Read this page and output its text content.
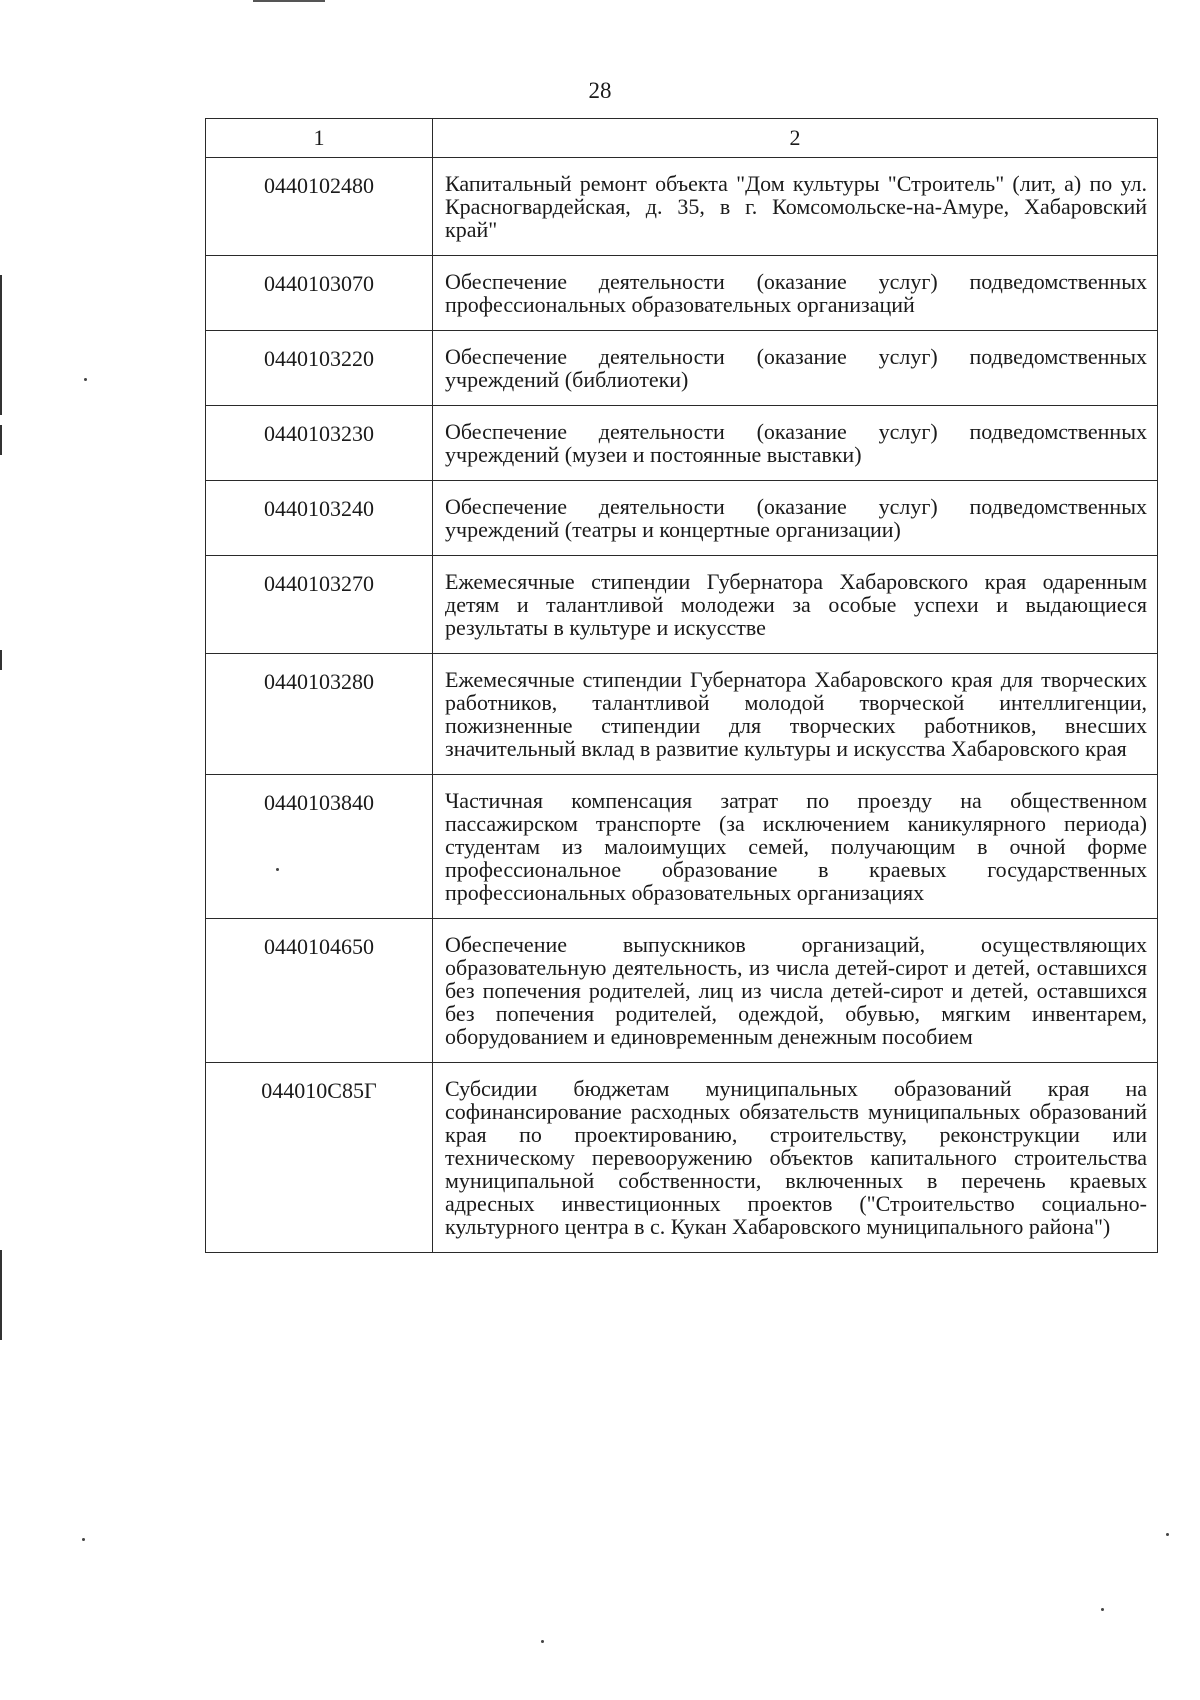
28
1	2
0440102480	Капитальный ремонт объекта "Дом культуры "Строитель" (лит, а) по ул. Красногвардейская, д. 35, в г. Комсомольске-на-Амуре, Хабаровский край"
0440103070	Обеспечение деятельности (оказание услуг) подведомственных профессиональных образовательных организаций
0440103220	Обеспечение деятельности (оказание услуг) подведомственных учреждений (библиотеки)
0440103230	Обеспечение деятельности (оказание услуг) подведомственных учреждений (музеи и постоянные выставки)
0440103240	Обеспечение деятельности (оказание услуг) подведомственных учреждений (театры и концертные организации)
0440103270	Ежемесячные стипендии Губернатора Хабаровского края одаренным детям и талантливой молодежи за особые успехи и выдающиеся результаты в культуре и искусстве
0440103280	Ежемесячные стипендии Губернатора Хабаровского края для творческих работников, талантливой молодой творческой интеллигенции, пожизненные стипендии для творческих работников, внесших значительный вклад в развитие культуры и искусства Хабаровского края
0440103840	Частичная компенсация затрат по проезду на общественном пассажирском транспорте (за исключением каникулярного периода) студентам из малоимущих семей, получающим в очной форме профессиональное образование в краевых государственных профессиональных образовательных организациях
0440104650	Обеспечение выпускников организаций, осуществляющих образовательную деятельность, из числа детей-сирот и детей, оставшихся без попечения родителей, лиц из числа детей-сирот и детей, оставшихся без попечения родителей, одеждой, обувью, мягким инвентарем, оборудованием и единовременным денежным пособием
044010С85Г	Субсидии бюджетам муниципальных образований края на софинансирование расходных обязательств муниципальных образований края по проектированию, строительству, реконструкции или техническому перевооружению объектов капитального строительства муниципальной собственности, включенных в перечень краевых адресных инвестиционных проектов ("Строительство социально-культурного центра в с. Кукан Хабаровского муниципального района")
